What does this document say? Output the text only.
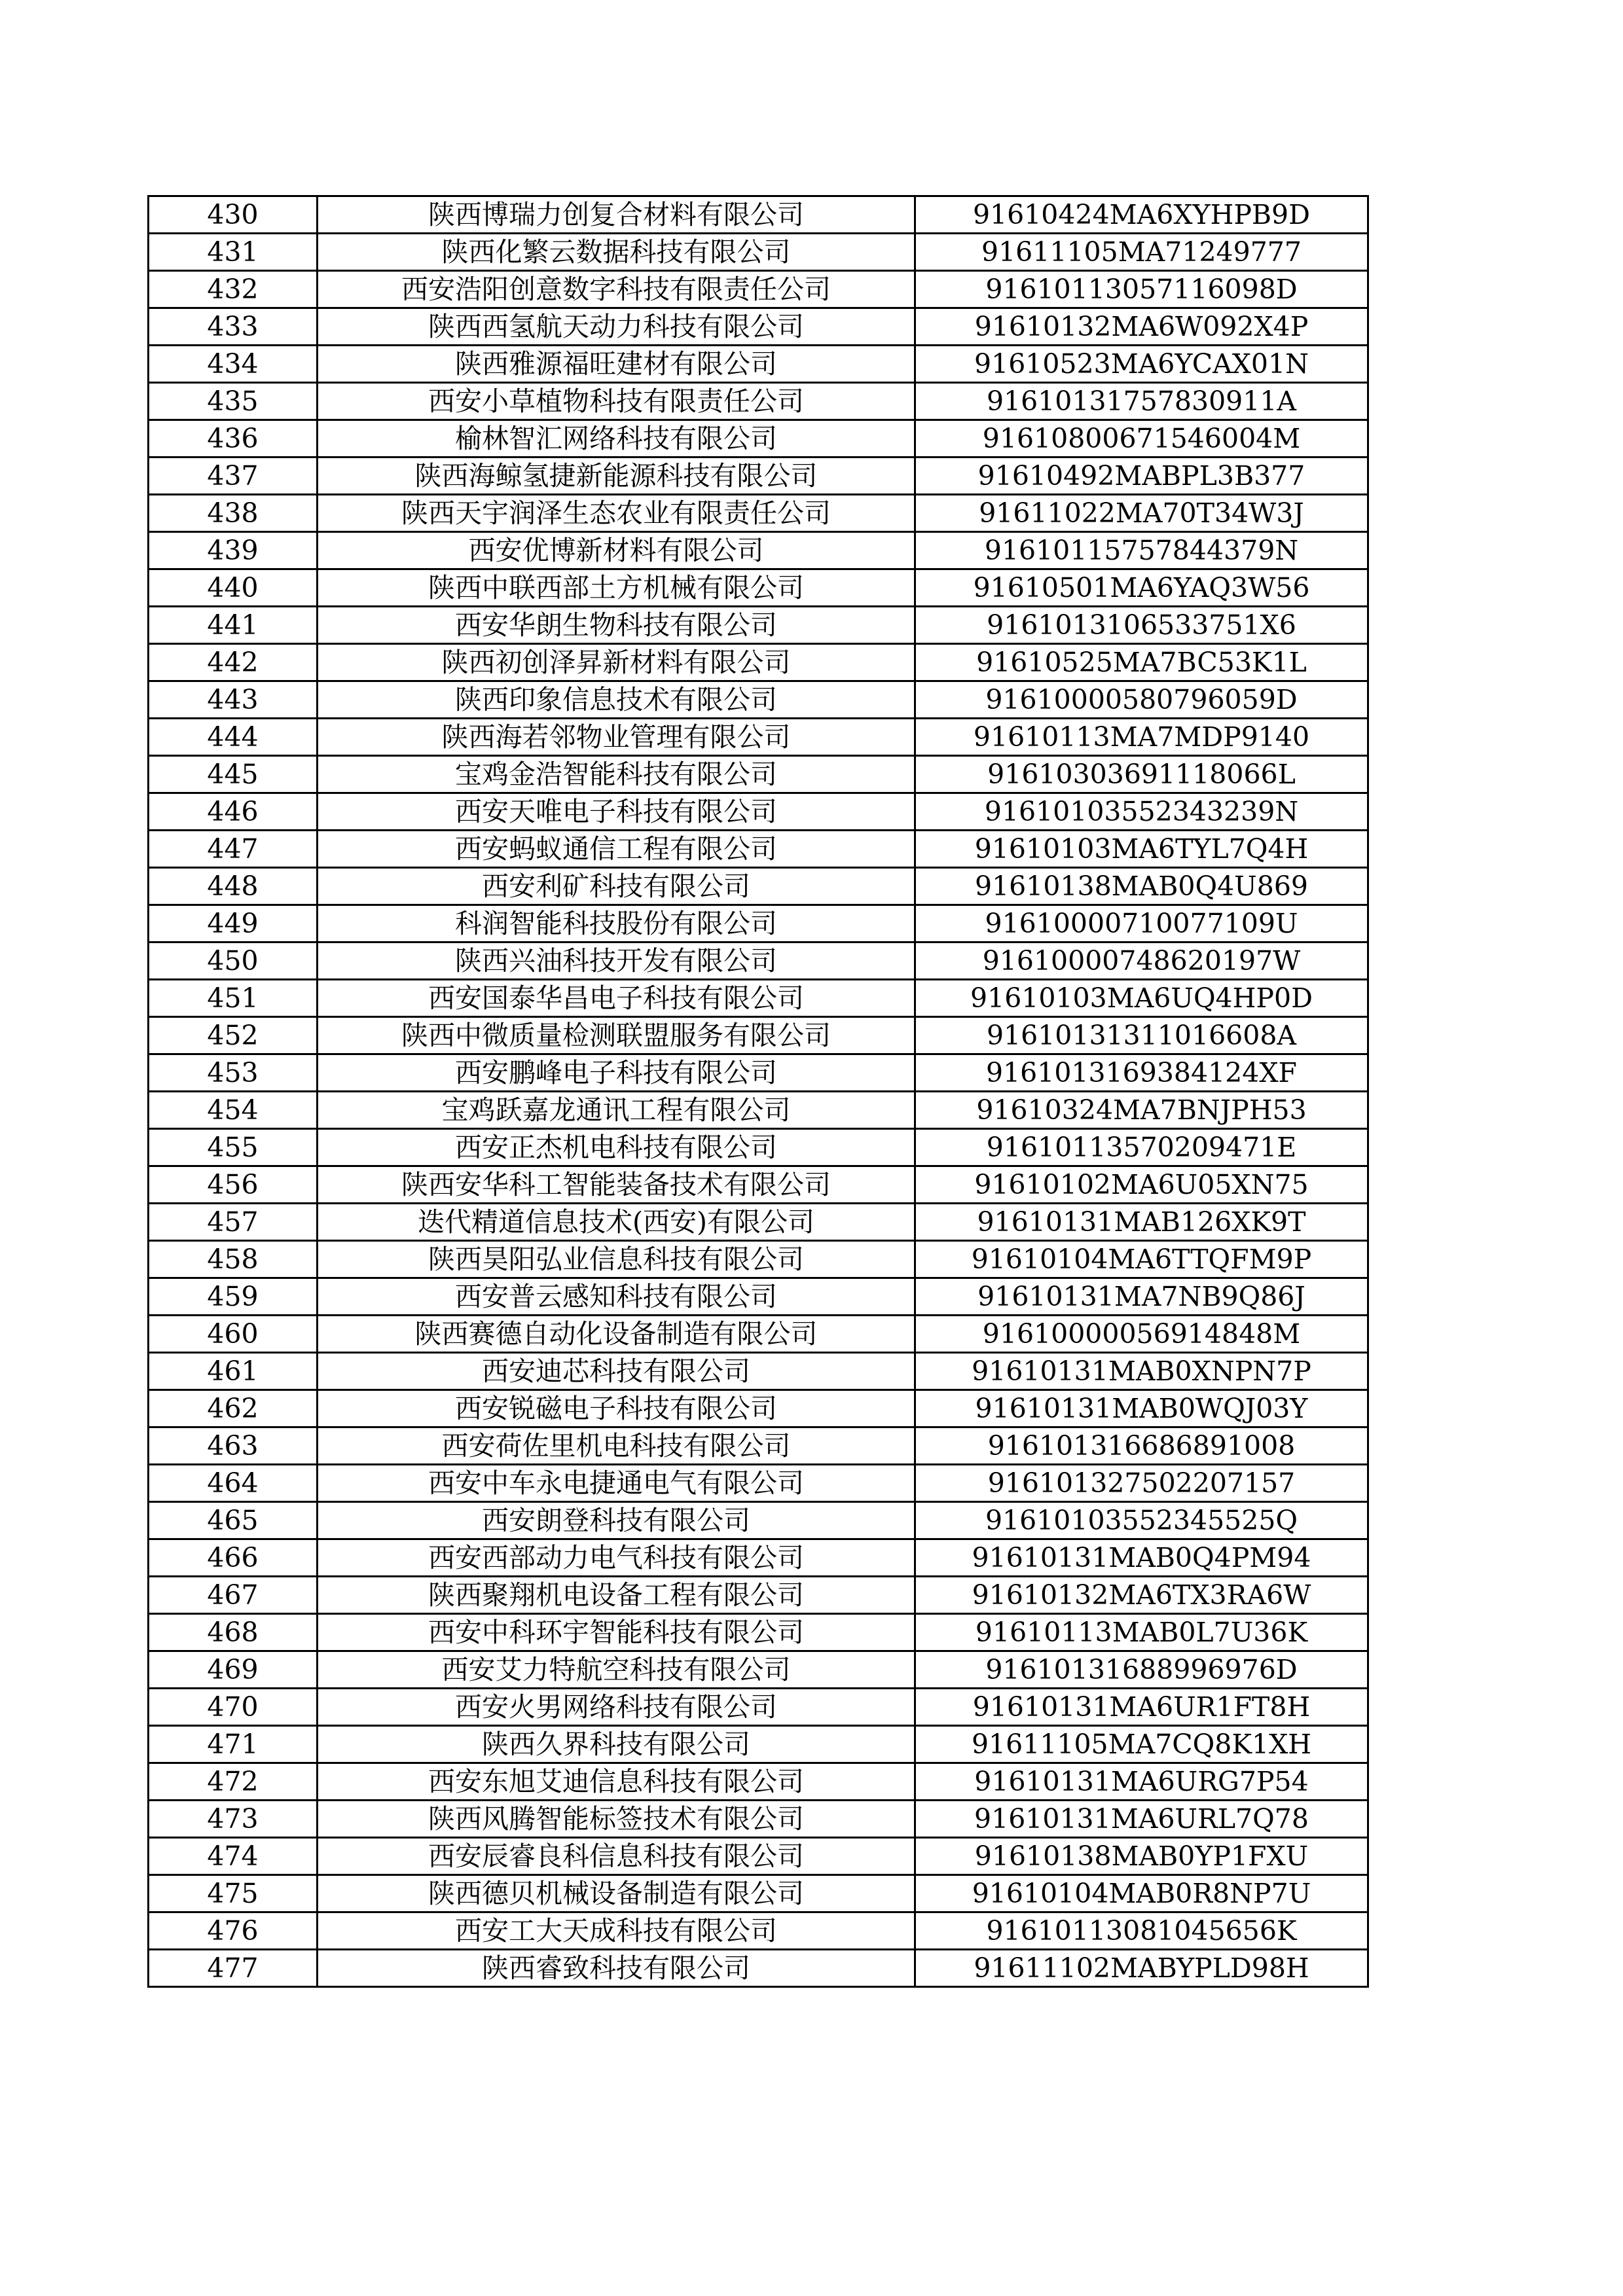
430	陕西博瑞力创复合材料有限公司	91610424MA6XYHPB9D
431	陕西化繁云数据科技有限公司	91611105MA71249777
432	西安浩阳创意数字科技有限责任公司	91610113057116098D
433	陕西西氢航天动力科技有限公司	91610132MA6W092X4P
434	陕西雅源福旺建材有限公司	91610523MA6YCAX01N
435	西安小草植物科技有限责任公司	91610131757830911A
436	榆林智汇网络科技有限公司	91610800671546004M
437	陕西海鲸氢捷新能源科技有限公司	91610492MABPL3B377
438	陕西天宇润泽生态农业有限责任公司	91611022MA70T34W3J
439	西安优博新材料有限公司	91610115757844379N
440	陕西中联西部土方机械有限公司	91610501MA6YAQ3W56
441	西安华朗生物科技有限公司	9161013106533751X6
442	陕西初创泽昇新材料有限公司	91610525MA7BC53K1L
443	陕西印象信息技术有限公司	91610000580796059D
444	陕西海若邻物业管理有限公司	91610113MA7MDP9140
445	宝鸡金浩智能科技有限公司	91610303691118066L
446	西安天唯电子科技有限公司	91610103552343239N
447	西安蚂蚁通信工程有限公司	91610103MA6TYL7Q4H
448	西安利矿科技有限公司	91610138MAB0Q4U869
449	科润智能科技股份有限公司	91610000710077109U
450	陕西兴油科技开发有限公司	91610000748620197W
451	西安国泰华昌电子科技有限公司	91610103MA6UQ4HP0D
452	陕西中微质量检测联盟服务有限公司	91610131311016608A
453	西安鹏峰电子科技有限公司	9161013169384124XF
454	宝鸡跃嘉龙通讯工程有限公司	91610324MA7BNJPH53
455	西安正杰机电科技有限公司	91610113570209471E
456	陕西安华科工智能装备技术有限公司	91610102MA6U05XN75
457	迭代精道信息技术(西安)有限公司	91610131MAB126XK9T
458	陕西昊阳弘业信息科技有限公司	91610104MA6TTQFM9P
459	西安普云感知科技有限公司	91610131MA7NB9Q86J
460	陕西赛德自动化设备制造有限公司	91610000056914848M
461	西安迪芯科技有限公司	91610131MAB0XNPN7P
462	西安锐磁电子科技有限公司	91610131MAB0WQJ03Y
463	西安荷佐里机电科技有限公司	916101316686891008
464	西安中车永电捷通电气有限公司	916101327502207157
465	西安朗登科技有限公司	91610103552345525Q
466	西安西部动力电气科技有限公司	91610131MAB0Q4PM94
467	陕西聚翔机电设备工程有限公司	91610132MA6TX3RA6W
468	西安中科环宇智能科技有限公司	91610113MAB0L7U36K
469	西安艾力特航空科技有限公司	91610131688996976D
470	西安火男网络科技有限公司	91610131MA6UR1FT8H
471	陕西久界科技有限公司	91611105MA7CQ8K1XH
472	西安东旭艾迪信息科技有限公司	91610131MA6URG7P54
473	陕西风腾智能标签技术有限公司	91610131MA6URL7Q78
474	西安辰睿良科信息科技有限公司	91610138MAB0YP1FXU
475	陕西德贝机械设备制造有限公司	91610104MAB0R8NP7U
476	西安工大天成科技有限公司	91610113081045656K
477	陕西睿致科技有限公司	91611102MABYPLD98H
